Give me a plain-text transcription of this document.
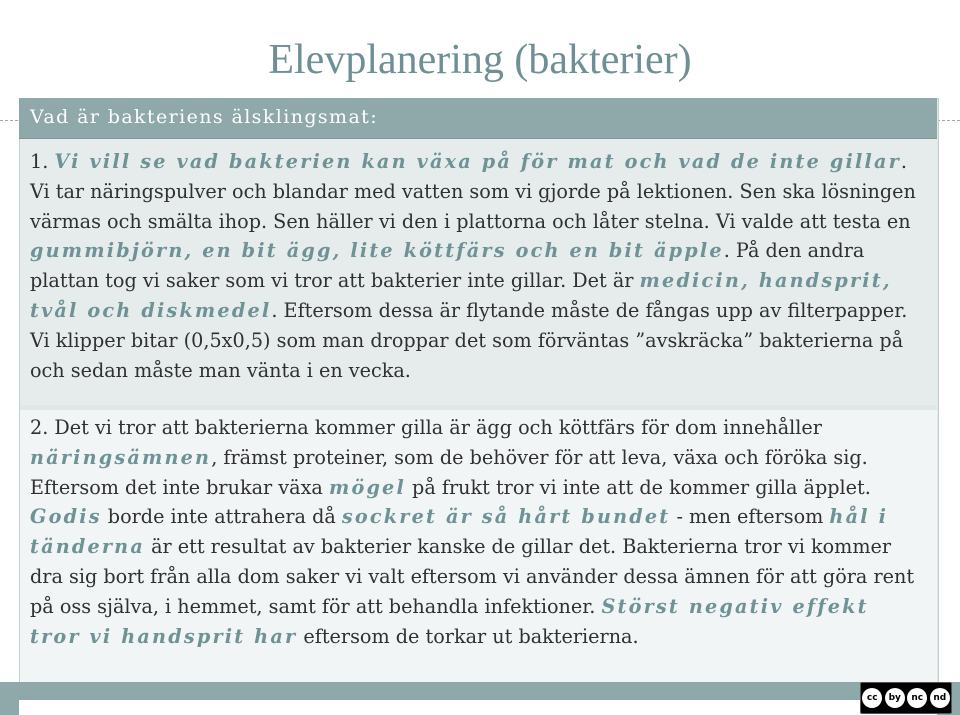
Elevplanering (bakterier)
Vad är bakteriens älsklingsmat:

1. Vi vill se vad bakterien kan växa på för mat och vad de inte gillar. Vi tar näringspulver och blandar med vatten som vi gjorde på lektionen. Sen ska lösningen värmas och smälta ihop. Sen häller vi den i plattorna och låter stelna. Vi valde att testa en gummibjörn, en bit ägg, lite köttfärs och en bit äpple. På den andra plattan tog vi saker som vi tror att bakterier inte gillar. Det är medicin, handsprit, tvål och diskmedel. Eftersom dessa är flytande måste de fångas upp av filterpapper. Vi klipper bitar (0,5x0,5) som man droppar det som förväntas ”avskräcka” bakterierna på och sedan måste man vänta i en vecka.

2. Det vi tror att bakterierna kommer gilla är ägg och köttfärs för dom innehåller näringsämnen, främst proteiner, som de behöver för att leva, växa och föröka sig. Eftersom det inte brukar växa mögel på frukt tror vi inte att de kommer gilla äpplet. Godis borde inte attrahera då sockret är så hårt bundet - men eftersom hål i tänderna är ett resultat av bakterier kanske de gillar det. Bakterierna tror vi kommer dra sig bort från alla dom saker vi valt eftersom vi använder dessa ämnen för att göra rent på oss själva, i hemmet, samt för att behandla infektioner. Störst negativ effekt tror vi handsprit har eftersom de torkar ut bakterierna.

cc	by	nc	nd
